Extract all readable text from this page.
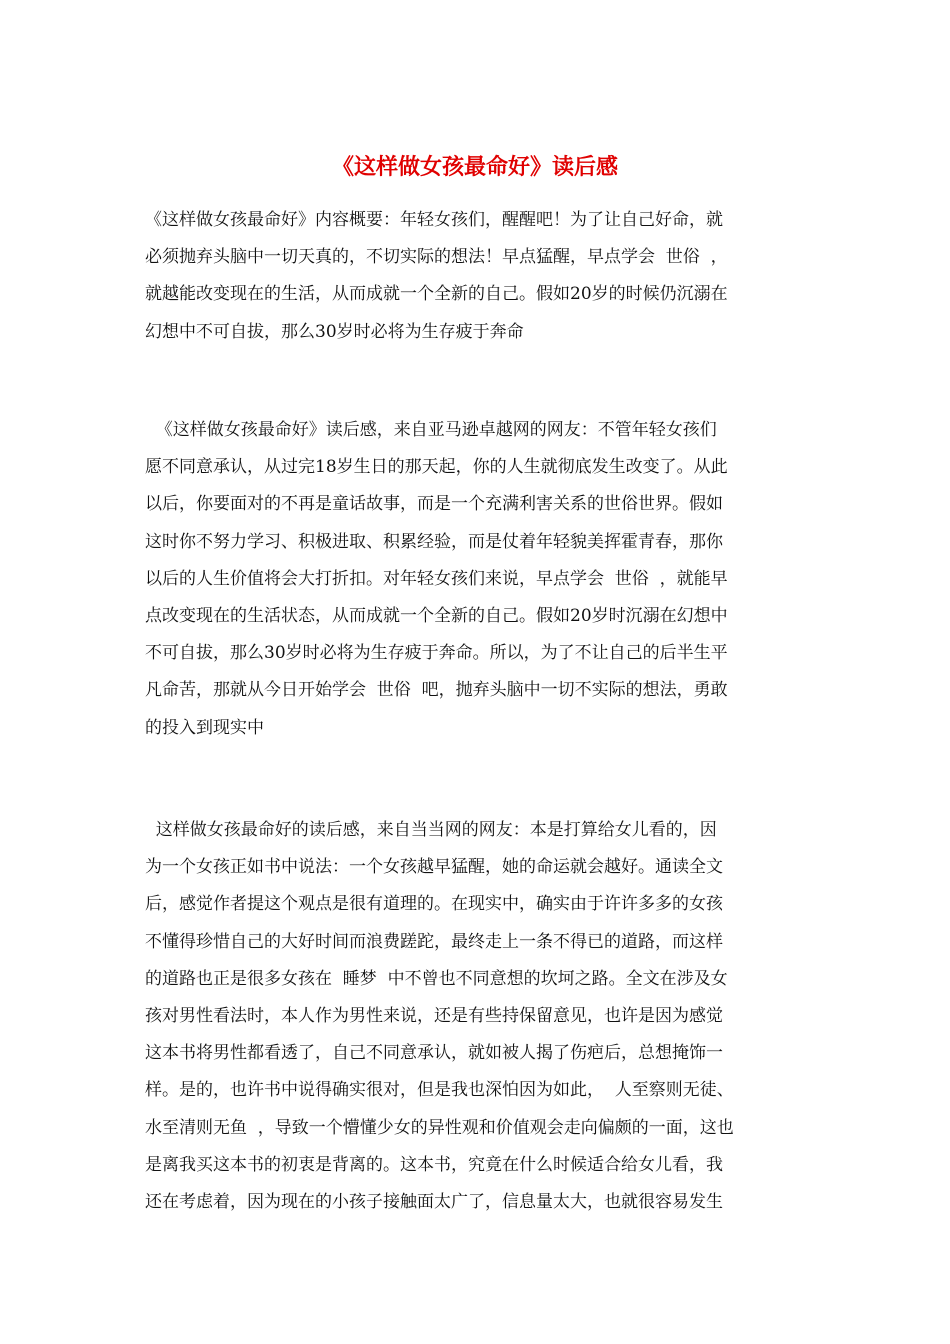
《这样做女孩最命好》读后感
《这样做女孩最命好》内容概要：年轻女孩们，醒醒吧！为了让自己好命，就
必须抛弃头脑中一切天真的，不切实际的想法！早点猛醒，早点学会  世俗  ，
就越能改变现在的生活，从而成就一个全新的自己。假如20岁的时候仍沉溺在
幻想中不可自拔，那么30岁时必将为生存疲于奔命
《这样做女孩最命好》读后感，来自亚马逊卓越网的网友：不管年轻女孩们
愿不同意承认，从过完18岁生日的那天起，你的人生就彻底发生改变了。从此
以后，你要面对的不再是童话故事，而是一个充满利害关系的世俗世界。假如
这时你不努力学习、积极进取、积累经验，而是仗着年轻貌美挥霍青春，那你
以后的人生价值将会大打折扣。对年轻女孩们来说，早点学会  世俗  ，就能早
点改变现在的生活状态，从而成就一个全新的自己。假如20岁时沉溺在幻想中
不可自拔，那么30岁时必将为生存疲于奔命。所以，为了不让自己的后半生平
凡命苦，那就从今日开始学会  世俗  吧，抛弃头脑中一切不实际的想法，勇敢
的投入到现实中
这样做女孩最命好的读后感，来自当当网的网友：本是打算给女儿看的，因
为一个女孩正如书中说法：一个女孩越早猛醒，她的命运就会越好。通读全文
后，感觉作者提这个观点是很有道理的。在现实中，确实由于许许多多的女孩
不懂得珍惜自己的大好时间而浪费蹉跎，最终走上一条不得已的道路，而这样
的道路也正是很多女孩在  睡梦  中不曾也不同意想的坎坷之路。全文在涉及女
孩对男性看法时，本人作为男性来说，还是有些持保留意见，也许是因为感觉
这本书将男性都看透了，自己不同意承认，就如被人揭了伤疤后，总想掩饰一
样。是的，也许书中说得确实很对，但是我也深怕因为如此，  人至察则无徒、
水至清则无鱼  ，导致一个懵懂少女的异性观和价值观会走向偏颇的一面，这也
是离我买这本书的初衷是背离的。这本书，究竟在什么时候适合给女儿看，我
还在考虑着，因为现在的小孩子接触面太广了，信息量太大，也就很容易发生
